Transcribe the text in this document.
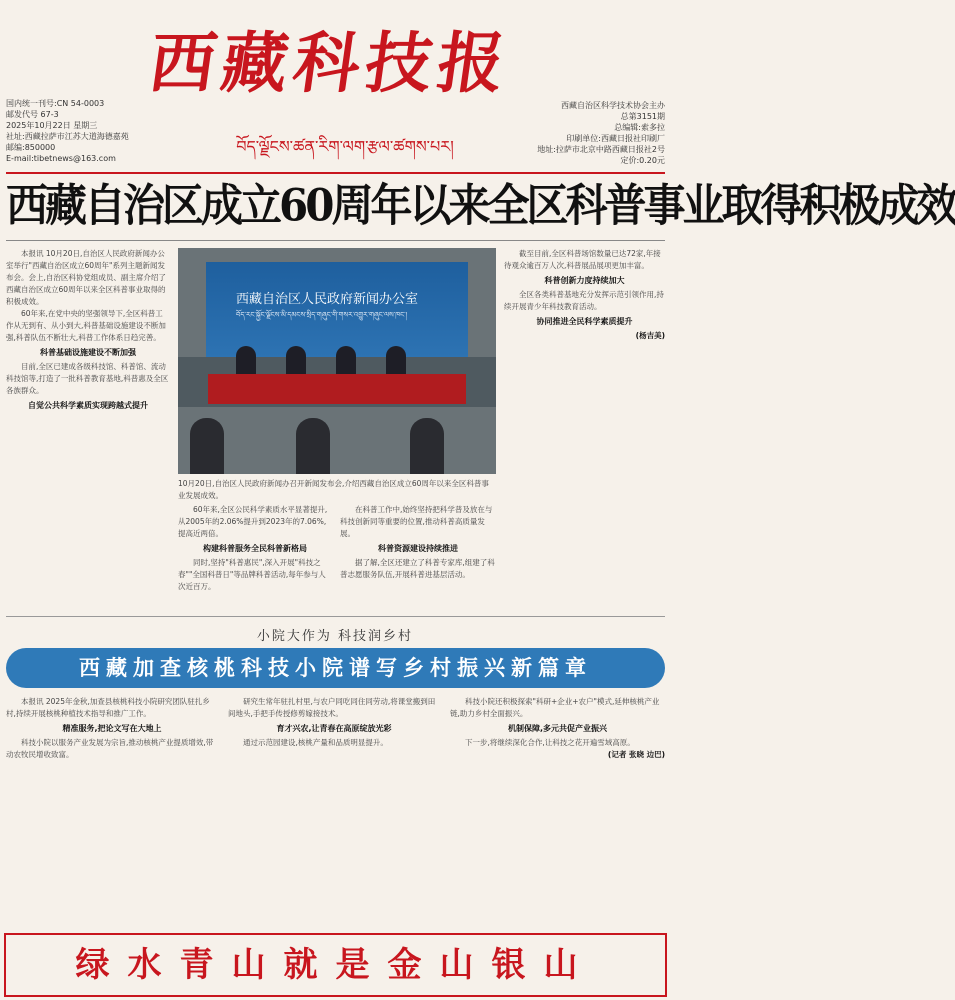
西藏科技报
བོད་ལྗོངས་ཚན་རིག་ལག་རྩལ་ཚགས་པར།
国内统一刊号:CN 54-0003
邮发代号 67-3
2025年10月22日 星期三
社址:西藏拉萨市江苏大道海德嘉苑
邮编:850000
E-mail:tibetnews@163.com
西藏自治区科学技术协会主办
总第3151期
总编辑:索多拉
印刷单位:西藏日报社印刷厂
地址:拉萨市北京中路西藏日报社2号
定价:0.20元
西藏自治区成立60周年以来全区科普事业取得积极成效

本报讯 10月20日,自治区人民政府新闻办公室举行"西藏自治区成立60周年"系列主题新闻发布会。会上,自治区科协党组成员、副主席介绍了西藏自治区成立60周年以来全区科普事业取得的积极成效。

60年来,在党中央的坚强领导下,全区科普工作从无到有、从小到大,科普基础设施建设不断加强,科普队伍不断壮大,科普工作体系日趋完善。

科普基础设施建设不断加强

目前,全区已建成各级科技馆、科普馆、流动科技馆等,打造了一批科普教育基地,科普惠及全区各族群众。

自觉公共科学素质实现跨越式提升
西藏自治区人民政府新闻办公室
བོད་རང་སྐྱོང་ལྗོངས་མི་དམངས་སྲིད་གཞུང་གི་གསར་འགྱུར་གཞུང་ལས་ཁང་།
10月20日,自治区人民政府新闻办召开新闻发布会,介绍西藏自治区成立60周年以来全区科普事业发展成效。

60年来,全区公民科学素质水平显著提升,从2005年的2.06%提升到2023年的7.06%,提高近两倍。

构建科普服务全民科普新格局

同时,坚持"科普惠民",深入开展"科技之春""全国科普日"等品牌科普活动,每年参与人次近百万。

在科普工作中,始终坚持把科学普及放在与科技创新同等重要的位置,推动科普高质量发展。

科普资源建设持续推进

据了解,全区还建立了科普专家库,组建了科普志愿服务队伍,开展科普进基层活动。

截至目前,全区科普场馆数量已达72家,年接待观众逾百万人次,科普展品展项更加丰富。

科普创新力度持续加大

全区各类科普基地充分发挥示范引领作用,持续开展青少年科技教育活动。

协同推进全民科学素质提升
(杨吉美)
小院大作为 科技润乡村
西藏加查核桃科技小院谱写乡村振兴新篇章

本报讯 2025年金秋,加查县核桃科技小院研究团队驻扎乡村,持续开展核桃种植技术指导和推广工作。

精准服务,把论文写在大地上

科技小院以服务产业发展为宗旨,推动核桃产业提质增效,带动农牧民增收致富。

研究生常年驻扎村里,与农户同吃同住同劳动,将课堂搬到田间地头,手把手传授修剪嫁接技术。

育才兴农,让青春在高原绽放光彩

通过示范园建设,核桃产量和品质明显提升。

科技小院还积极探索"科研+企业+农户"模式,延伸核桃产业链,助力乡村全面振兴。

机制保障,多元共促产业振兴

下一步,将继续深化合作,让科技之花开遍雪域高原。

(记者 张晓 边巴)
绿水青山就是金山银山
